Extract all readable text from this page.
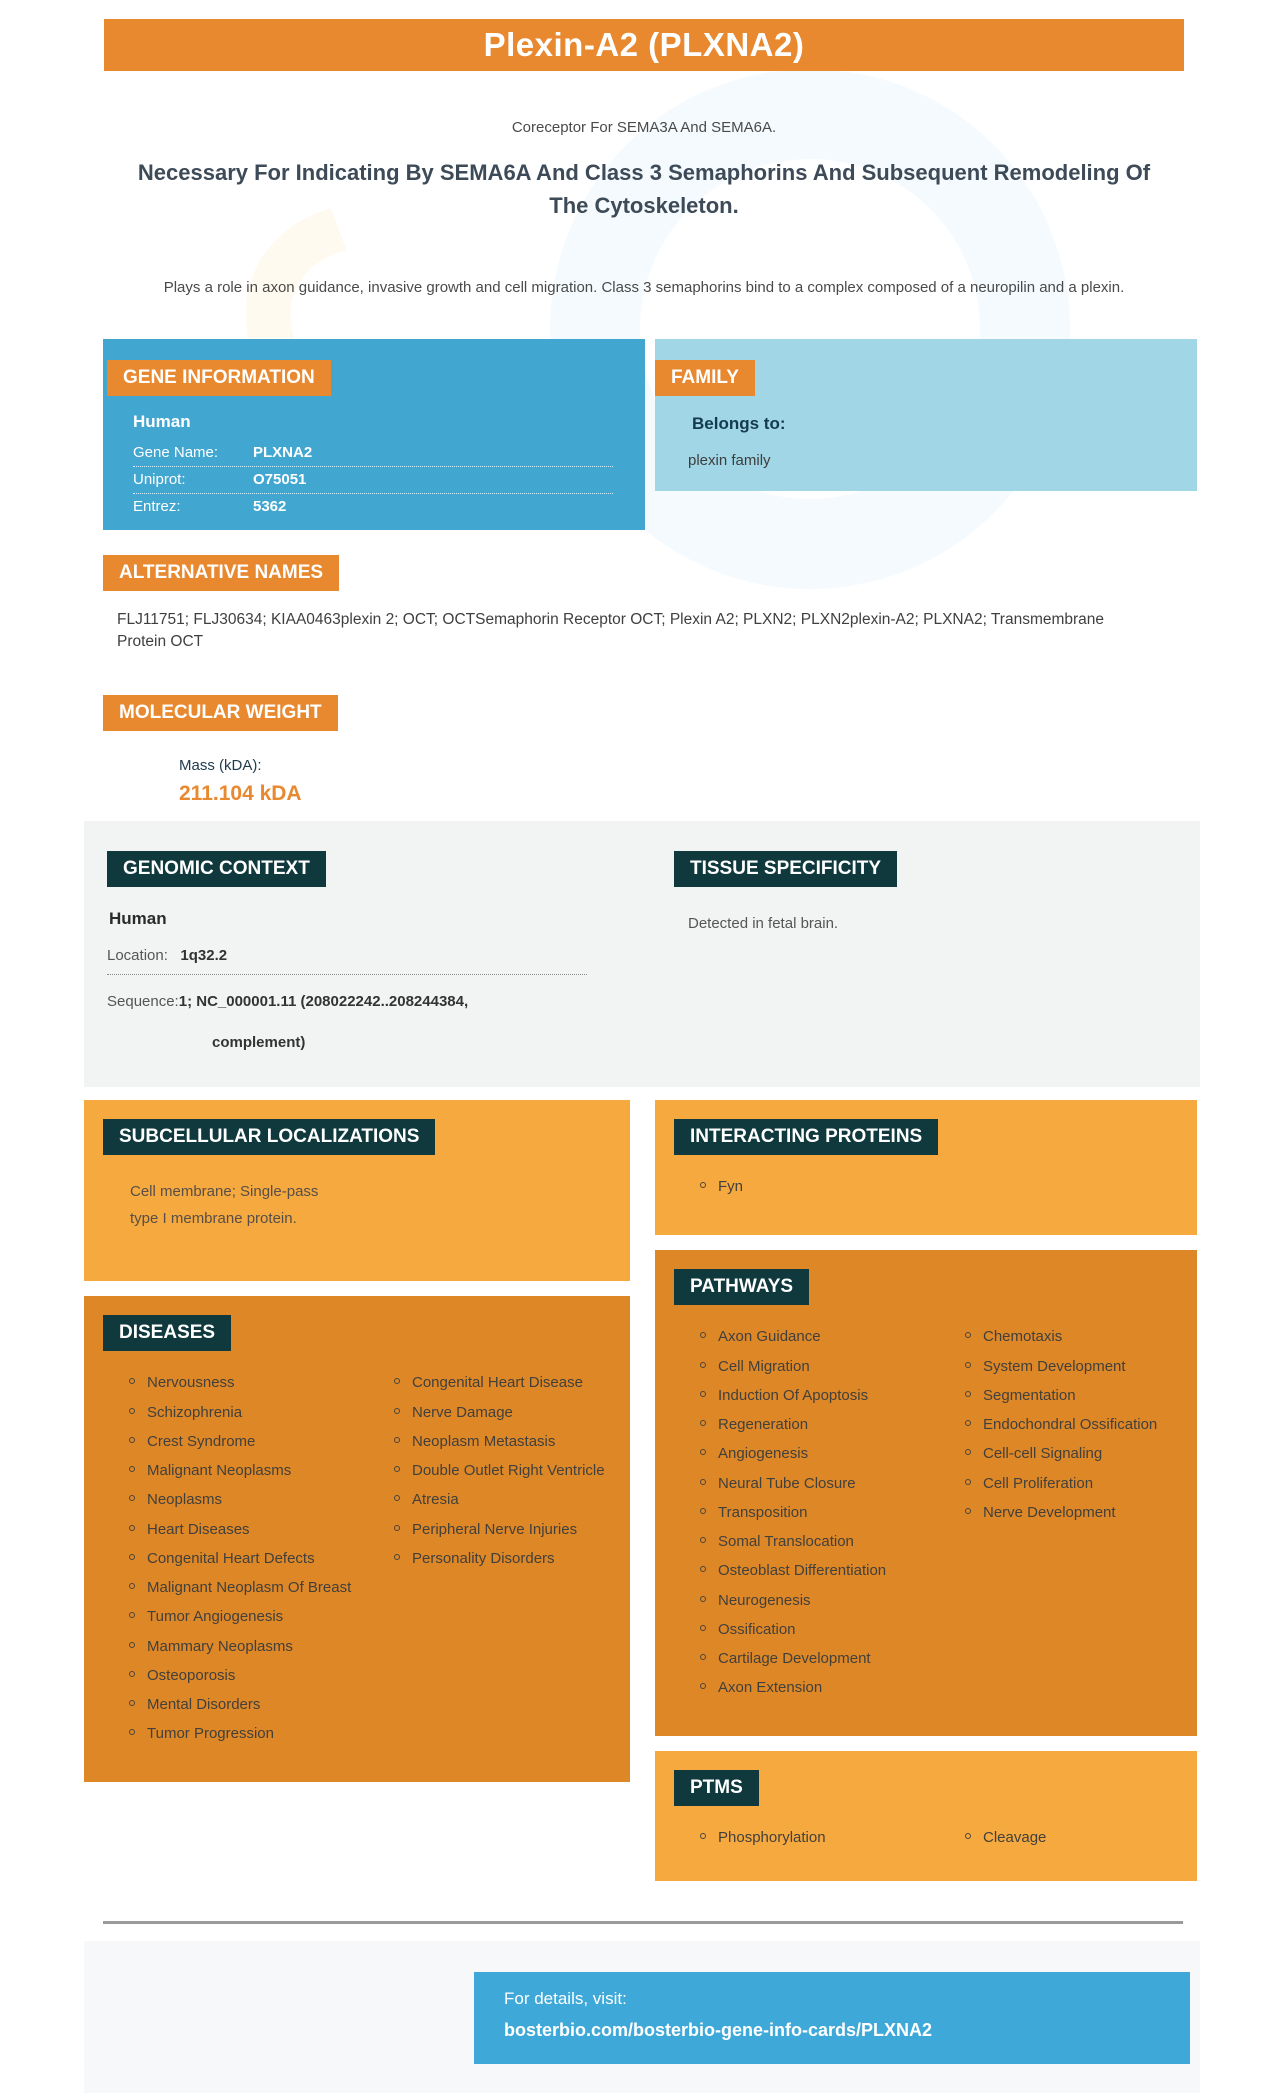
Plexin-A2 (PLXNA2)
Coreceptor For SEMA3A And SEMA6A.
Necessary For Indicating By SEMA6A And Class 3 Semaphorins And Subsequent Remodeling Of The Cytoskeleton.
Plays a role in axon guidance, invasive growth and cell migration. Class 3 semaphorins bind to a complex composed of a neuropilin and a plexin.
GENE INFORMATION
Human
Gene Name:	PLXNA2
Uniprot:	O75051
Entrez:	5362
FAMILY
Belongs to:
plexin family
ALTERNATIVE NAMES
FLJ11751; FLJ30634; KIAA0463plexin 2; OCT; OCTSemaphorin Receptor OCT; Plexin A2; PLXN2; PLXN2plexin-A2; PLXNA2; Transmembrane Protein OCT
MOLECULAR WEIGHT
Mass (kDA):
211.104 kDA
GENOMIC CONTEXT
Human
Location: 1q32.2
Sequence:1; NC_000001.11 (208022242..208244384,
complement)
TISSUE SPECIFICITY
Detected in fetal brain.
SUBCELLULAR LOCALIZATIONS
Cell membrane; Single-pass type I membrane protein.
DISEASES
Nervousness
Schizophrenia
Crest Syndrome
Malignant Neoplasms
Neoplasms
Heart Diseases
Congenital Heart Defects
Malignant Neoplasm Of Breast
Tumor Angiogenesis
Mammary Neoplasms
Osteoporosis
Mental Disorders
Tumor Progression
Congenital Heart Disease
Nerve Damage
Neoplasm Metastasis
Double Outlet Right Ventricle
Atresia
Peripheral Nerve Injuries
Personality Disorders
INTERACTING PROTEINS
Fyn
PATHWAYS
Axon Guidance
Cell Migration
Induction Of Apoptosis
Regeneration
Angiogenesis
Neural Tube Closure
Transposition
Somal Translocation
Osteoblast Differentiation
Neurogenesis
Ossification
Cartilage Development
Axon Extension
Chemotaxis
System Development
Segmentation
Endochondral Ossification
Cell-cell Signaling
Cell Proliferation
Nerve Development
PTMS
Phosphorylation	Cleavage
For details, visit:
bosterbio.com/bosterbio-gene-info-cards/PLXNA2
